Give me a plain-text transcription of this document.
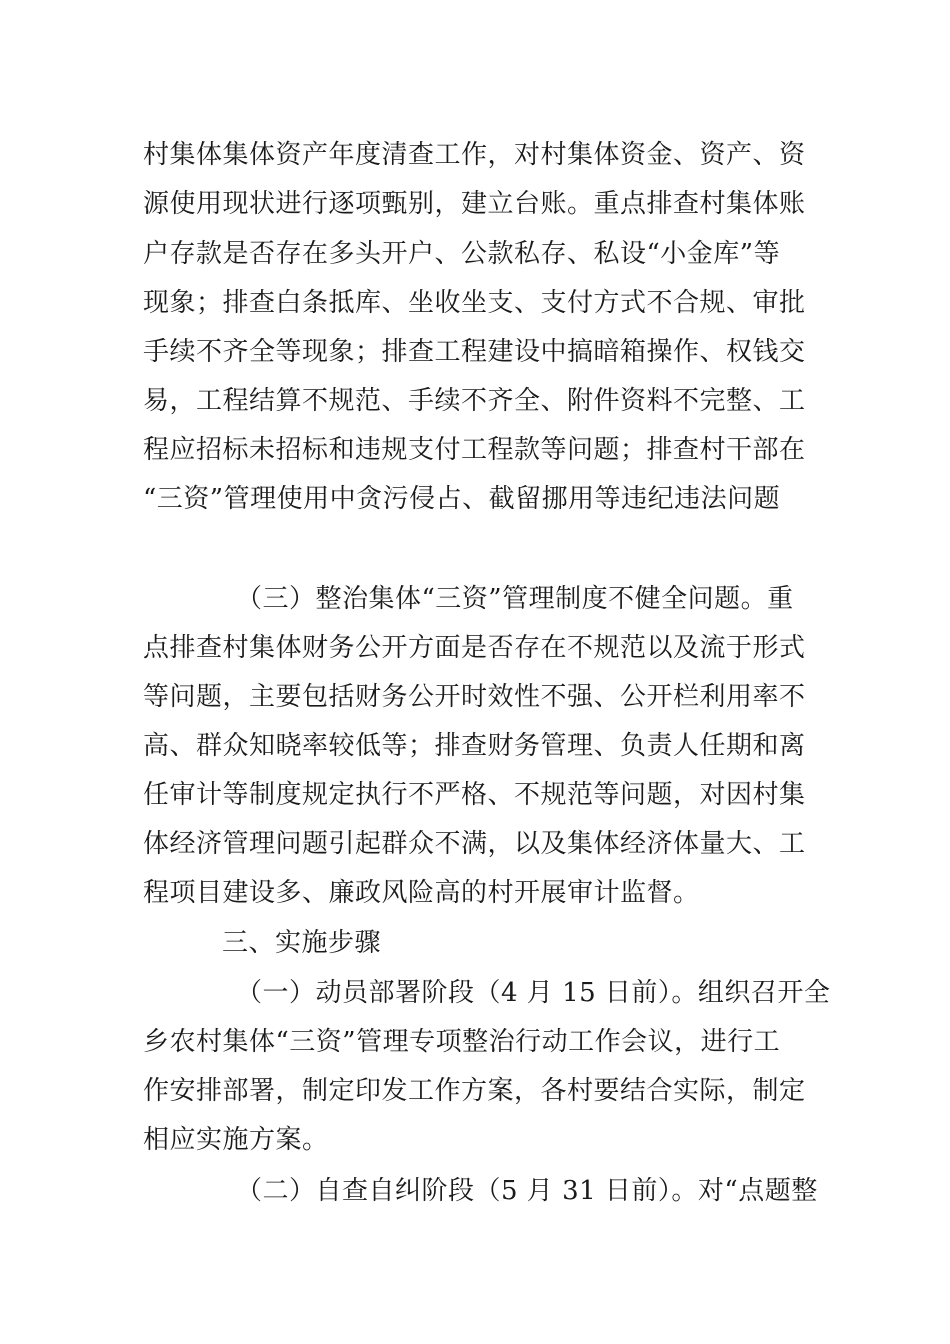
村集体集体资产年度清查工作，对村集体资金、资产、资
源使用现状进行逐项甄别，建立台账。重点排查村集体账
户存款是否存在多头开户、公款私存、私设“小金库”等
现象；排查白条抵库、坐收坐支、支付方式不合规、审批
手续不齐全等现象；排查工程建设中搞暗箱操作、权钱交
易，工程结算不规范、手续不齐全、附件资料不完整、工
程应招标未招标和违规支付工程款等问题；排查村干部在
“三资”管理使用中贪污侵占、截留挪用等违纪违法问题
（三）整治集体“三资”管理制度不健全问题。重
点排查村集体财务公开方面是否存在不规范以及流于形式
等问题，主要包括财务公开时效性不强、公开栏利用率不
高、群众知晓率较低等；排查财务管理、负责人任期和离
任审计等制度规定执行不严格、不规范等问题，对因村集
体经济管理问题引起群众不满，以及集体经济体量大、工
程项目建设多、廉政风险高的村开展审计监督。
三、实施步骤
（一）动员部署阶段（4 月 15 日前）。组织召开全
乡农村集体“三资”管理专项整治行动工作会议，进行工
作安排部署，制定印发工作方案，各村要结合实际，制定
相应实施方案。
（二）自查自纠阶段（5 月 31 日前）。对“点题整
